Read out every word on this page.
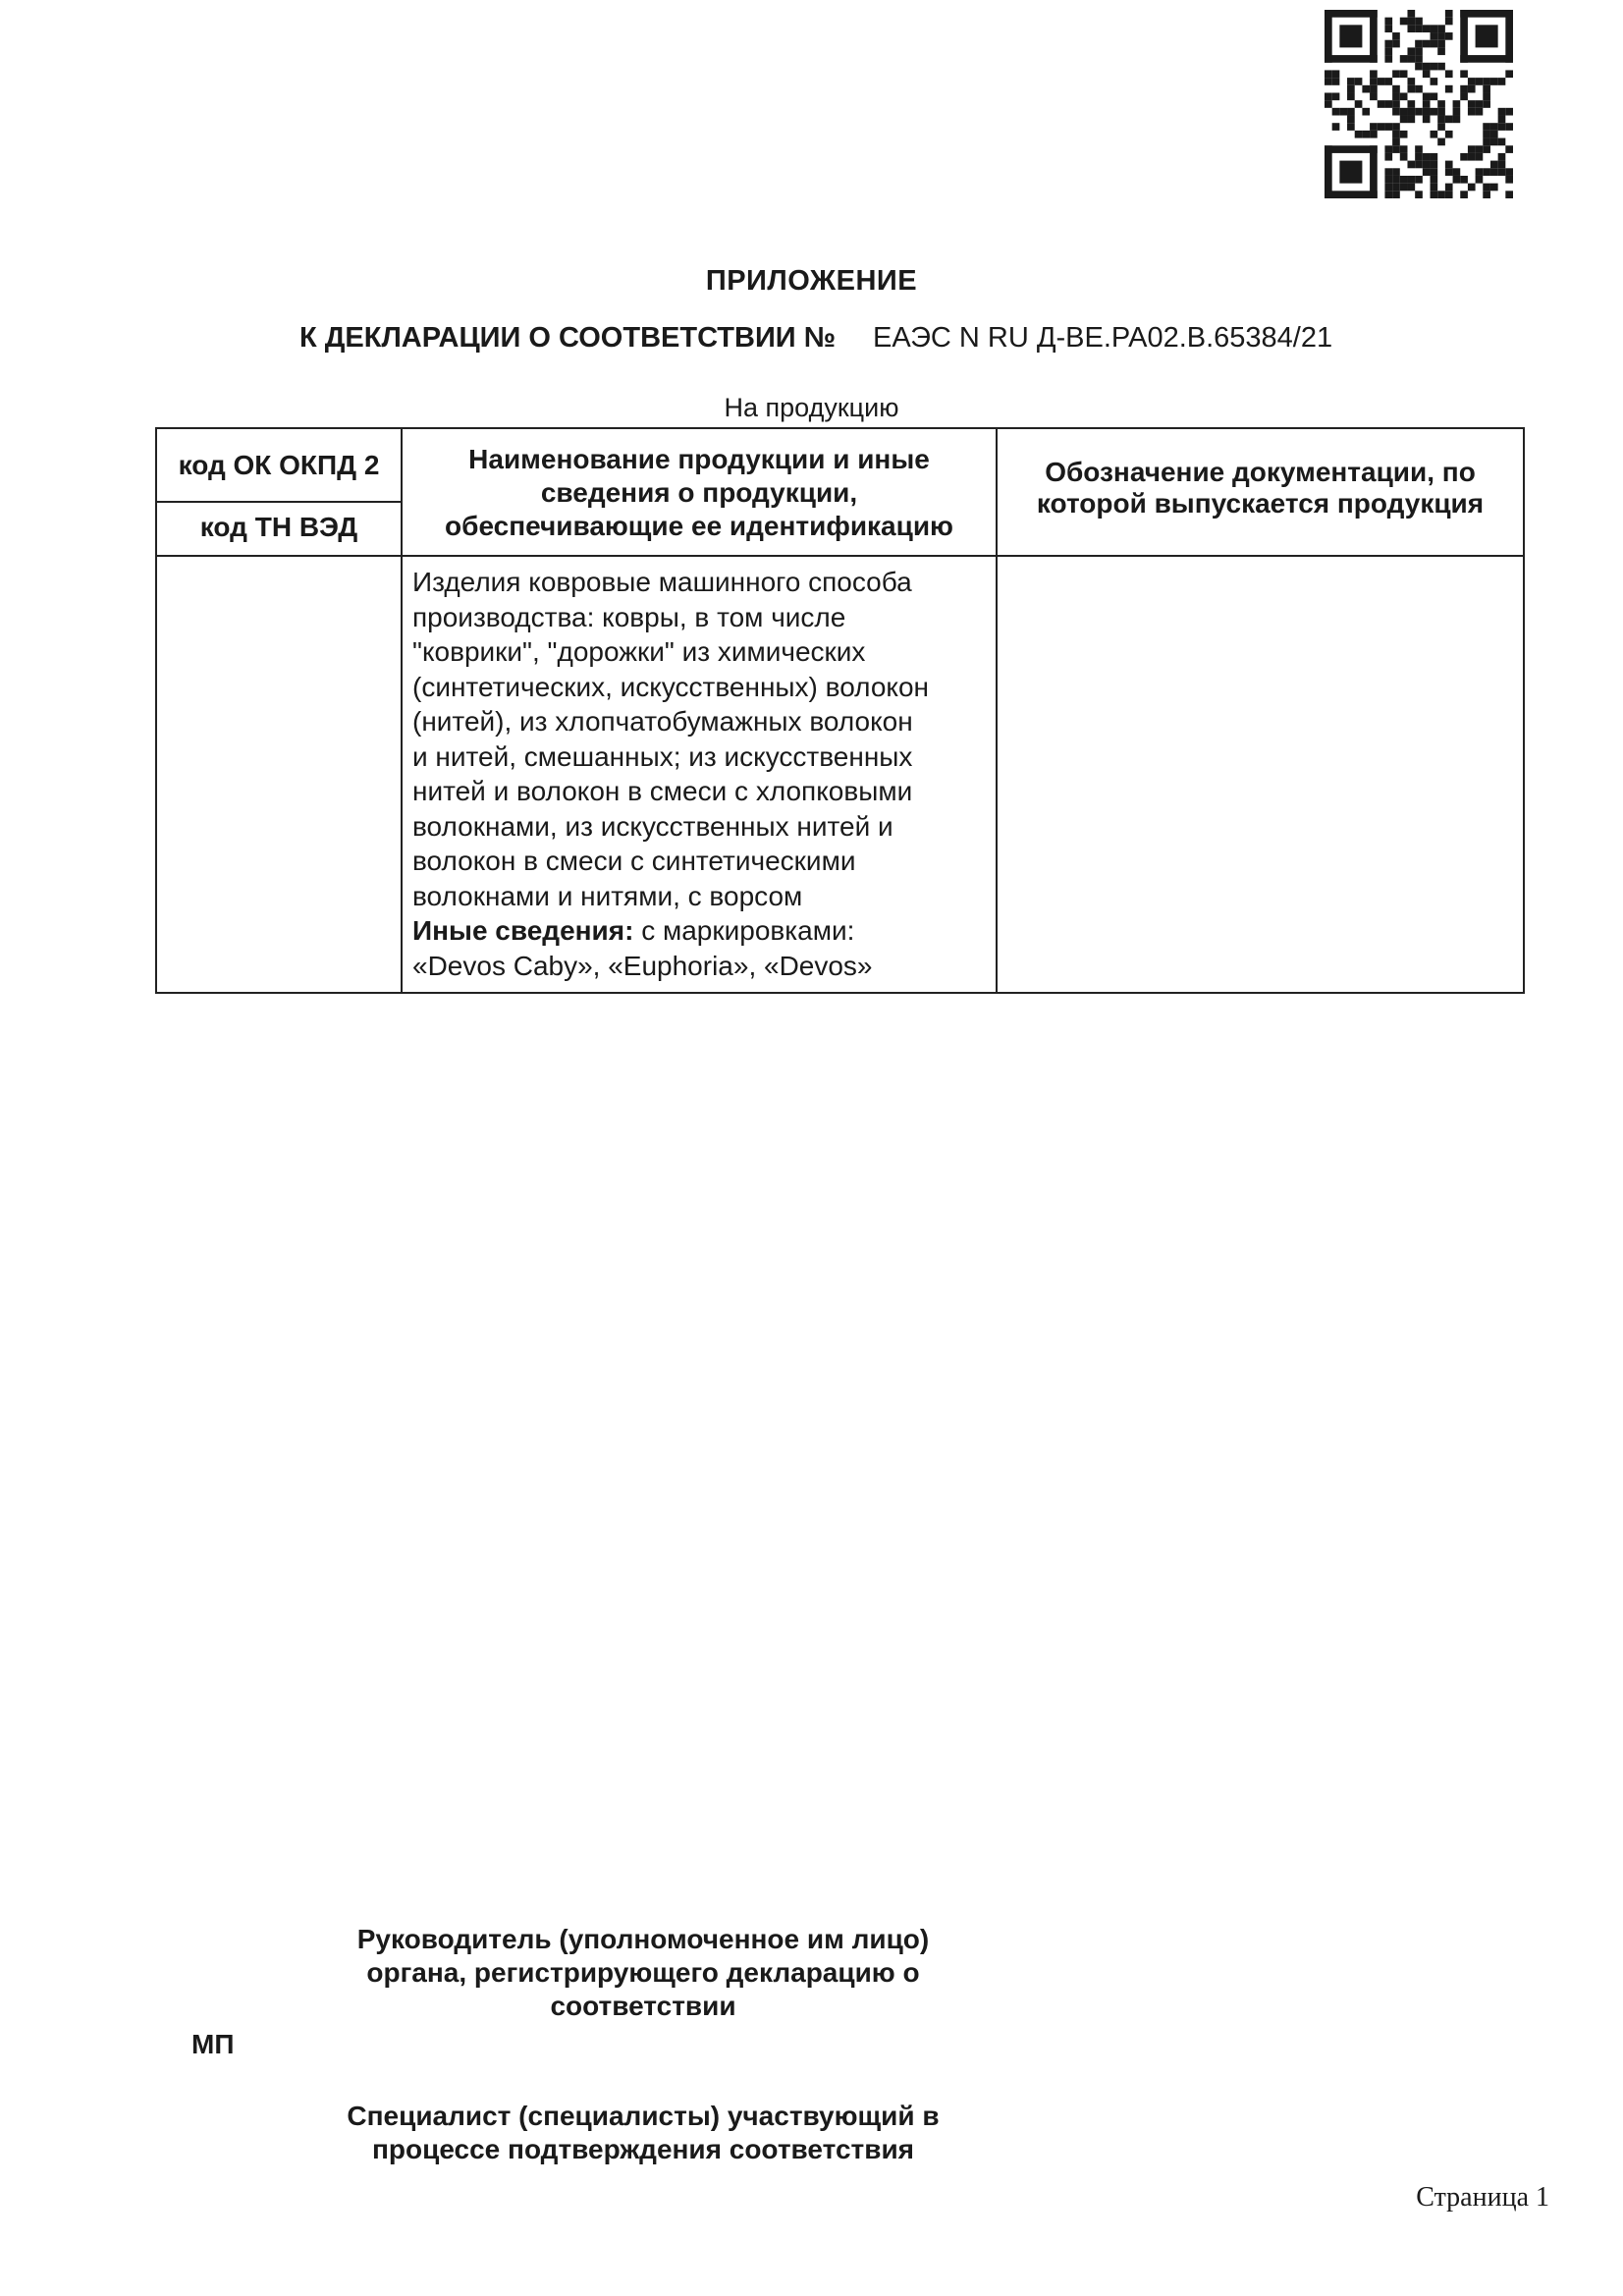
ПРИЛОЖЕНИЕ
К ДЕКЛАРАЦИИ О СООТВЕТСТВИИ № ЕАЭС N RU Д-BE.PA02.B.65384/21
На продукцию
код ОК ОКПД 2
код ТН ВЭД
Наименование продукции и иные
сведения о продукции,
обеспечивающие ее идентификацию
Обозначение документации, по
которой выпускается продукция
Изделия ковровые машинного способа
производства: ковры, в том числе
"коврики", "дорожки" из химических
(синтетических, искусственных) волокон
(нитей), из хлопчатобумажных волокон
и нитей, смешанных; из искусственных
нитей и волокон в смеси с хлопковыми
волокнами, из искусственных нитей и
волокон в смеси с синтетическими
волокнами и нитями, с ворсом
Иные сведения: с маркировками:
«Devos Caby», «Euphoria», «Devos»
Руководитель (уполномоченное им лицо)
органа, регистрирующего декларацию о
соответствии
МП
Специалист (специалисты) участвующий в
процессе подтверждения соответствия
Страница 1
